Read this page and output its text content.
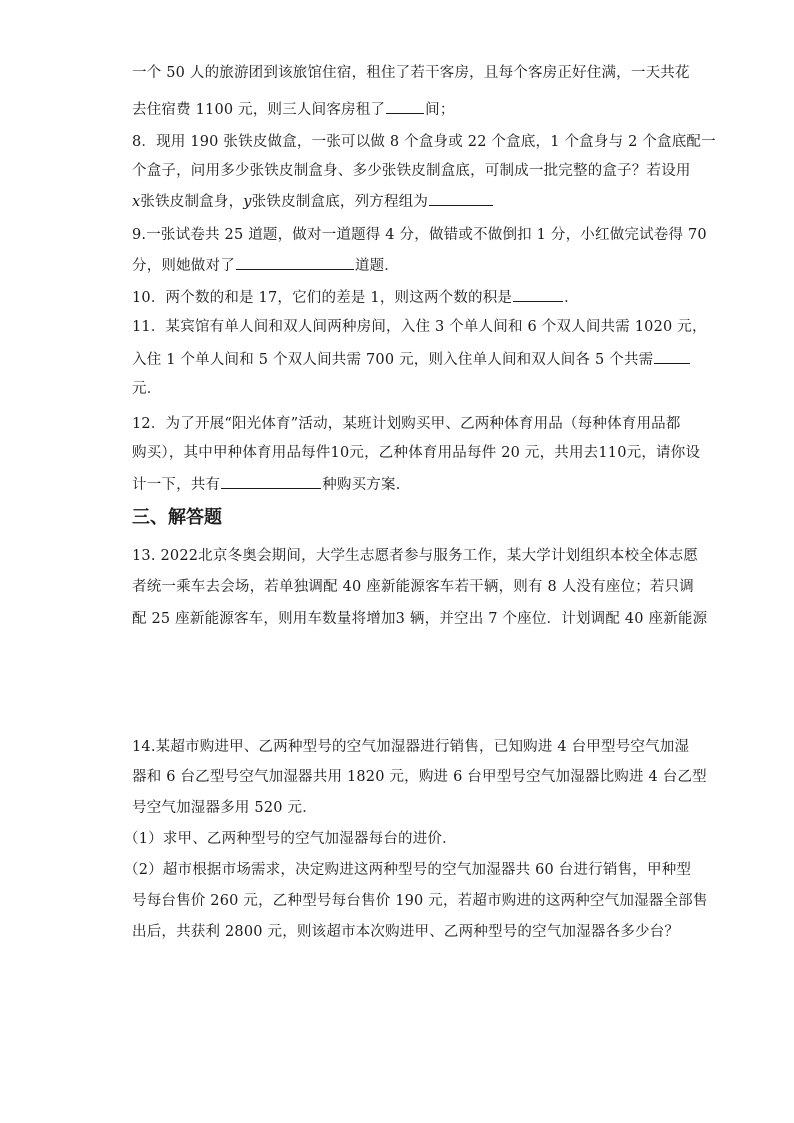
一个 50 人的旅游团到该旅馆住宿，租住了若干客房，且每个客房正好住满，一天共花
去住宿费 1100 元，则三人间客房租了	间；
8．现用 190 张铁皮做盒，一张可以做 8 个盒身或 22 个盒底，1 个盒身与 2 个盒底配一
个盒子，问用多少张铁皮制盒身、多少张铁皮制盒底，可制成一批完整的盒子？若设用
x张铁皮制盒身，y张铁皮制盒底，列方程组为
9.一张试卷共 25 道题，做对一道题得 4 分，做错或不做倒扣 1 分，小红做完试卷得 70
分，则她做对了	道题．
10．两个数的和是 17，它们的差是 1，则这两个数的积是	．
11．某宾馆有单人间和双人间两种房间，入住 3 个单人间和 6 个双人间共需 1020 元，
入住 1 个单人间和 5 个双人间共需 700 元，则入住单人间和双人间各 5 个共需
元．
12．为了开展“阳光体育”活动，某班计划购买甲、乙两种体育用品（每种体育用品都
购买），其中甲种体育用品每件10元，乙种体育用品每件 20 元，共用去110元，请你设
计一下，共有	种购买方案．
三、解答题
13. 2022北京冬奥会期间，大学生志愿者参与服务工作，某大学计划组织本校全体志愿
者统一乘车去会场，若单独调配 40 座新能源客车若干辆，则有 8 人没有座位；若只调
配 25 座新能源客车，则用车数量将增加3 辆，并空出 7 个座位．计划调配 40 座新能源
14.某超市购进甲、乙两种型号的空气加湿器进行销售，已知购进 4 台甲型号空气加湿
器和 6 台乙型号空气加湿器共用 1820 元，购进 6 台甲型号空气加湿器比购进 4 台乙型
号空气加湿器多用 520 元．
（1）求甲、乙两种型号的空气加湿器每台的进价．
（2）超市根据市场需求，决定购进这两种型号的空气加湿器共 60 台进行销售，甲种型
号每台售价 260 元，乙种型号每台售价 190 元，若超市购进的这两种空气加湿器全部售
出后，共获利 2800 元，则该超市本次购进甲、乙两种型号的空气加湿器各多少台？
